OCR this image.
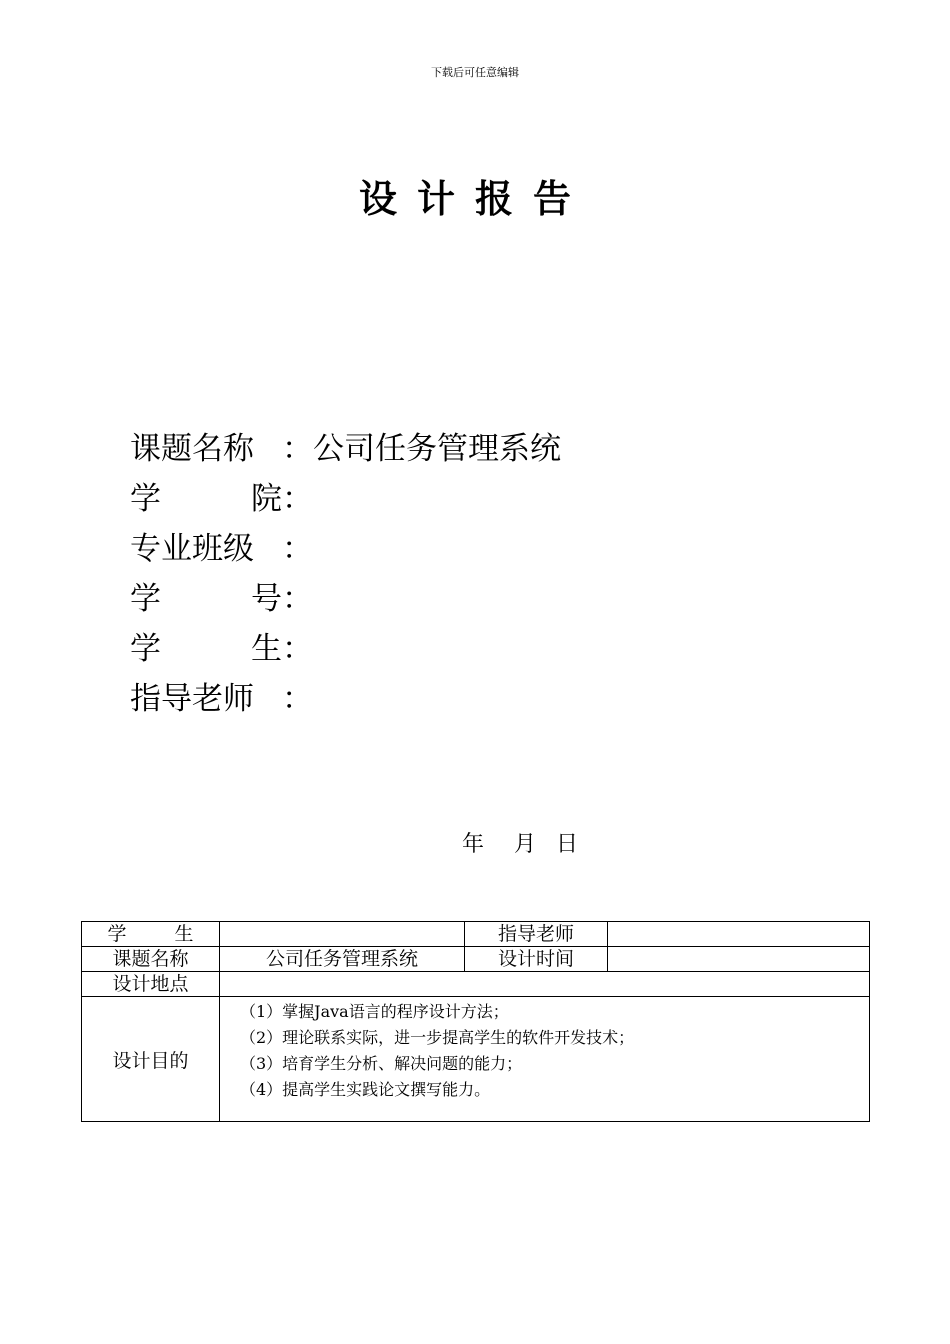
下载后可任意编辑
设计报告
课题名称 ：公司任务管理系统
学院：
专业班级 ：
学号：
学生：
指导老师 ：
年 月 日
学生		指导老师	
课题名称	公司任务管理系统	设计时间	
设计地点			
设计目的	（1）掌握Java语言的程序设计方法；
（2）理论联系实际，进一步提高学生的软件开发技术；
（3）培育学生分析、解决问题的能力；
（4）提高学生实践论文撰写能力。		
